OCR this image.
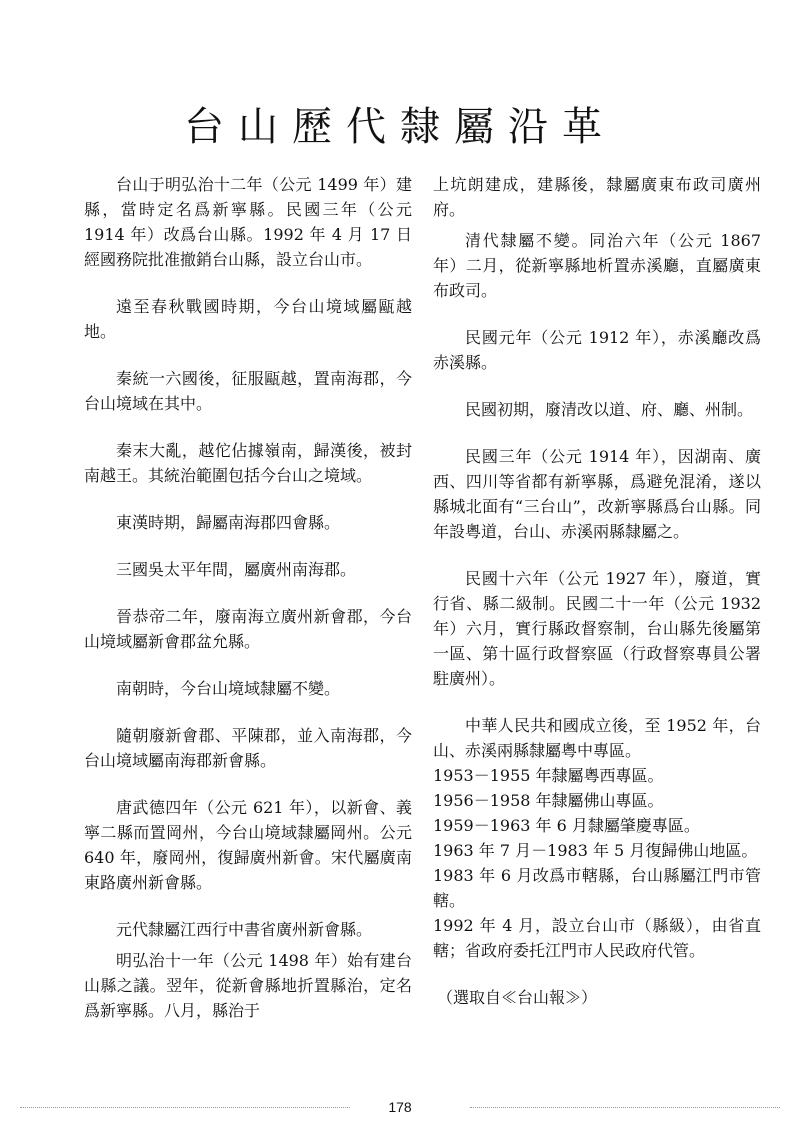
台山歷代隸屬沿革

台山于明弘治十二年（公元 1499 年）建縣，當時定名爲新寧縣。民國三年（公元 1914 年）改爲台山縣。1992 年 4 月 17 日經國務院批准撤銷台山縣，設立台山市。

遠至春秋戰國時期，今台山境域屬甌越地。

秦統一六國後，征服甌越，置南海郡，今台山境域在其中。

秦末大亂，越佗佔據嶺南，歸漢後，被封南越王。其統治範圍包括今台山之境域。

東漢時期，歸屬南海郡四會縣。

三國吳太平年間，屬廣州南海郡。

晉恭帝二年，廢南海立廣州新會郡，今台山境域屬新會郡盆允縣。

南朝時，今台山境域隸屬不變。

隨朝廢新會郡、平陳郡，並入南海郡，今台山境域屬南海郡新會縣。

唐武德四年（公元 621 年），以新會、義寧二縣而置岡州，今台山境域隸屬岡州。公元 640 年，廢岡州，復歸廣州新會。宋代屬廣南東路廣州新會縣。

元代隸屬江西行中書省廣州新會縣。

明弘治十一年（公元 1498 年）始有建台山縣之議。翌年，從新會縣地折置縣治，定名爲新寧縣。八月，縣治于

上坑朗建成，建縣後，隸屬廣東布政司廣州府。

清代隸屬不變。同治六年（公元 1867 年）二月，從新寧縣地析置赤溪廳，直屬廣東布政司。

民國元年（公元 1912 年），赤溪廳改爲赤溪縣。

民國初期，廢清改以道、府、廳、州制。

民國三年（公元 1914 年），因湖南、廣西、四川等省都有新寧縣，爲避免混淆，遂以縣城北面有“三台山”，改新寧縣爲台山縣。同年設粵道，台山、赤溪兩縣隸屬之。

民國十六年（公元 1927 年），廢道，實行省、縣二級制。民國二十一年（公元 1932 年）六月，實行縣政督察制，台山縣先後屬第一區、第十區行政督察區（行政督察專員公署駐廣州）。

中華人民共和國成立後，至 1952 年，台山、赤溪兩縣隸屬粵中專區。

1953－1955 年隸屬粵西專區。

1956－1958 年隸屬佛山專區。

1959－1963 年 6 月隸屬肇慶專區。

1963 年 7 月－1983 年 5 月復歸佛山地區。

1983 年 6 月改爲市轄縣，台山縣屬江門市管轄。

1992 年 4 月，設立台山市（縣級），由省直轄；省政府委托江門市人民政府代管。

（選取自≪台山報≫）

178
